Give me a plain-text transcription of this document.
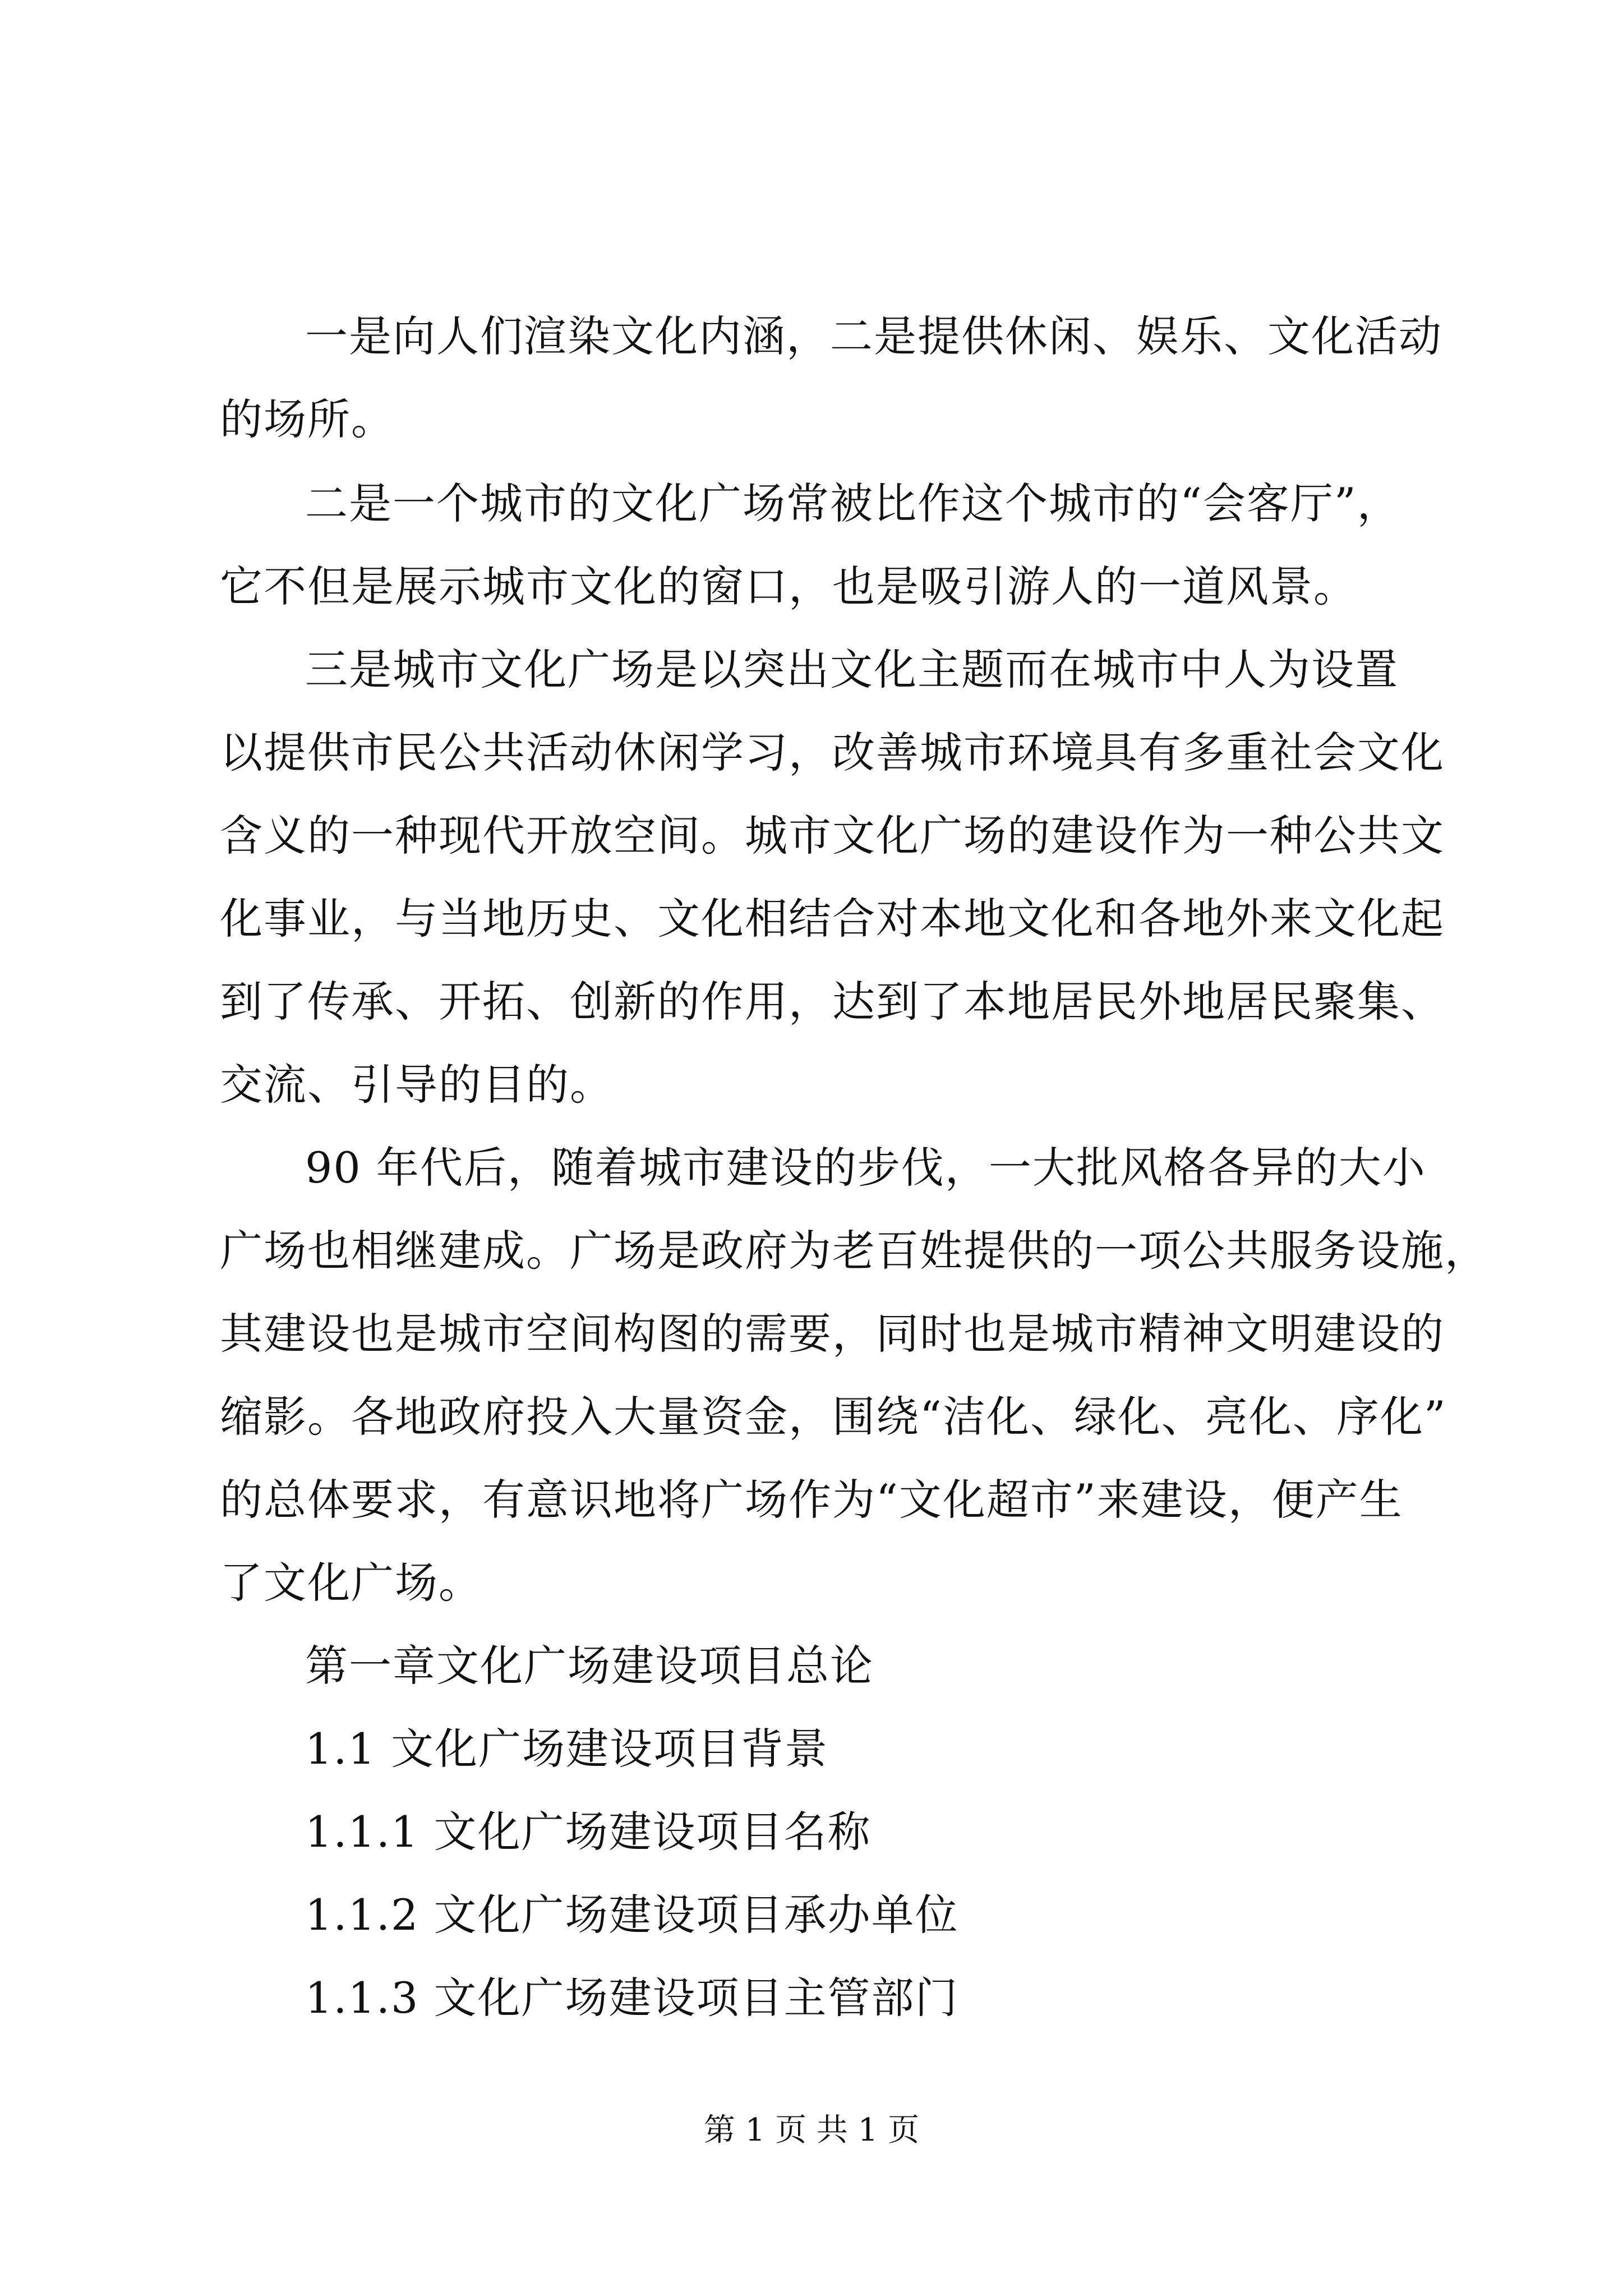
一是向人们渲染文化内涵，二是提供休闲、娱乐、文化活动
的场所。
二是一个城市的文化广场常被比作这个城市的“会客厅”，
它不但是展示城市文化的窗口，也是吸引游人的一道风景。
三是城市文化广场是以突出文化主题而在城市中人为设置
以提供市民公共活动休闲学习，改善城市环境具有多重社会文化
含义的一种现代开放空间。城市文化广场的建设作为一种公共文
化事业，与当地历史、文化相结合对本地文化和各地外来文化起
到了传承、开拓、创新的作用，达到了本地居民外地居民聚集、
交流、引导的目的。
90 年代后，随着城市建设的步伐，一大批风格各异的大小
广场也相继建成。广场是政府为老百姓提供的一项公共服务设施，
其建设也是城市空间构图的需要，同时也是城市精神文明建设的
缩影。各地政府投入大量资金，围绕“洁化、绿化、亮化、序化”
的总体要求，有意识地将广场作为“文化超市”来建设，便产生
了文化广场。
第一章文化广场建设项目总论
1.1 文化广场建设项目背景
1.1.1 文化广场建设项目名称
1.1.2 文化广场建设项目承办单位
1.1.3 文化广场建设项目主管部门
第 1 页 共 1 页
